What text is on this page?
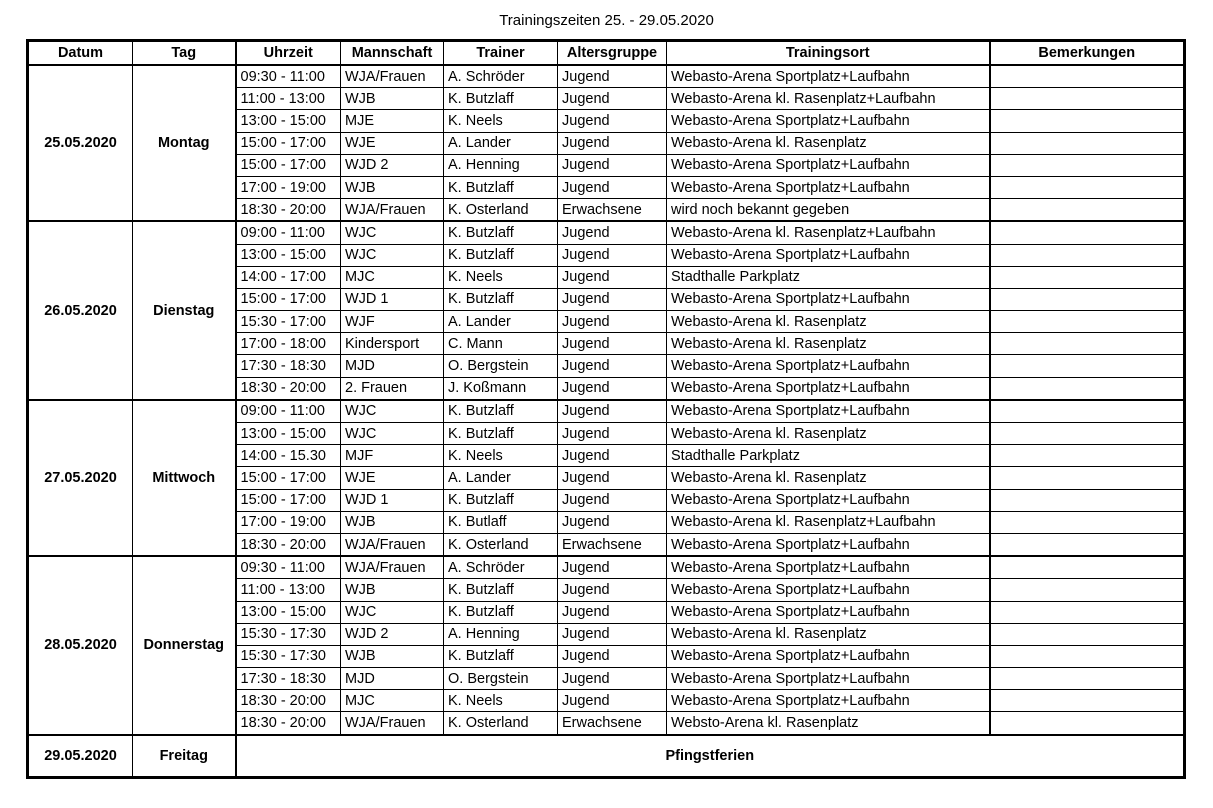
Trainingszeiten 25. - 29.05.2020
Datum	Tag	Uhrzeit	Mannschaft	Trainer	Altersgruppe	Trainingsort	Bemerkungen
25.05.2020	Montag	09:30 - 11:00	WJA/Frauen	A. Schröder	Jugend	Webasto-Arena Sportplatz+Laufbahn	
		11:00 - 13:00	WJB	K. Butzlaff	Jugend	Webasto-Arena kl. Rasenplatz+Laufbahn	
		13:00 - 15:00	MJE	K. Neels	Jugend	Webasto-Arena Sportplatz+Laufbahn	
		15:00 - 17:00	WJE	A. Lander	Jugend	Webasto-Arena kl. Rasenplatz	
		15:00 - 17:00	WJD 2	A. Henning	Jugend	Webasto-Arena Sportplatz+Laufbahn	
		17:00 - 19:00	WJB	K. Butzlaff	Jugend	Webasto-Arena Sportplatz+Laufbahn	
		18:30 - 20:00	WJA/Frauen	K. Osterland	Erwachsene	wird noch bekannt gegeben	
26.05.2020	Dienstag	09:00 - 11:00	WJC	K. Butzlaff	Jugend	Webasto-Arena kl. Rasenplatz+Laufbahn	
		13:00 - 15:00	WJC	K. Butzlaff	Jugend	Webasto-Arena Sportplatz+Laufbahn	
		14:00 - 17:00	MJC	K. Neels	Jugend	Stadthalle Parkplatz	
		15:00 - 17:00	WJD 1	K. Butzlaff	Jugend	Webasto-Arena Sportplatz+Laufbahn	
		15:30 - 17:00	WJF	A. Lander	Jugend	Webasto-Arena kl. Rasenplatz	
		17:00 - 18:00	Kindersport	C. Mann	Jugend	Webasto-Arena kl. Rasenplatz	
		17:30 - 18:30	MJD	O. Bergstein	Jugend	Webasto-Arena Sportplatz+Laufbahn	
		18:30 - 20:00	2. Frauen	J. Koßmann	Jugend	Webasto-Arena Sportplatz+Laufbahn	
27.05.2020	Mittwoch	09:00 - 11:00	WJC	K. Butzlaff	Jugend	Webasto-Arena Sportplatz+Laufbahn	
		13:00 - 15:00	WJC	K. Butzlaff	Jugend	Webasto-Arena kl. Rasenplatz	
		14:00 - 15.30	MJF	K. Neels	Jugend	Stadthalle Parkplatz	
		15:00 - 17:00	WJE	A. Lander	Jugend	Webasto-Arena kl. Rasenplatz	
		15:00 - 17:00	WJD 1	K. Butzlaff	Jugend	Webasto-Arena Sportplatz+Laufbahn	
		17:00 - 19:00	WJB	K. Butlaff	Jugend	Webasto-Arena kl. Rasenplatz+Laufbahn	
		18:30 - 20:00	WJA/Frauen	K. Osterland	Erwachsene	Webasto-Arena Sportplatz+Laufbahn	
28.05.2020	Donnerstag	09:30 - 11:00	WJA/Frauen	A. Schröder	Jugend	Webasto-Arena Sportplatz+Laufbahn	
		11:00 - 13:00	WJB	K. Butzlaff	Jugend	Webasto-Arena Sportplatz+Laufbahn	
		13:00 - 15:00	WJC	K. Butzlaff	Jugend	Webasto-Arena Sportplatz+Laufbahn	
		15:30 - 17:30	WJD 2	A. Henning	Jugend	Webasto-Arena kl. Rasenplatz	
		15:30 - 17:30	WJB	K. Butzlaff	Jugend	Webasto-Arena Sportplatz+Laufbahn	
		17:30 - 18:30	MJD	O. Bergstein	Jugend	Webasto-Arena Sportplatz+Laufbahn	
		18:30 - 20:00	MJC	K. Neels	Jugend	Webasto-Arena Sportplatz+Laufbahn	
		18:30 - 20:00	WJA/Frauen	K. Osterland	Erwachsene	Websto-Arena kl. Rasenplatz	
29.05.2020	Freitag	Pfingstferien					
